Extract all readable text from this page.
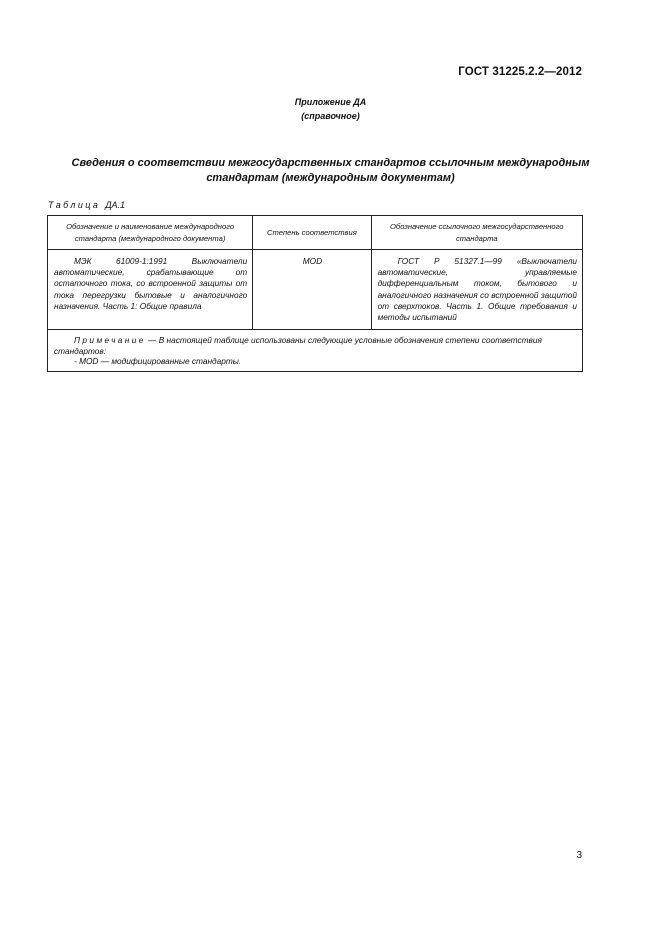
ГОСТ 31225.2.2—2012
Приложение ДА
(справочное)
Сведения о соответствии межгосударственных стандартов ссылочным международным
стандартам (международным документам)
Таблица ДА.1
Обозначение и наименование международного стандарта (международного документа)	Степень соответствия	Обозначение ссылочного межгосударственного стандарта
МЭК 61009-1:1991 Выключатели автоматические, срабатывающие от остаточного тока, со встроенной защиты от тока перегрузки бытовые и аналогичного назначения. Часть 1: Общие правила	MOD	ГОСТ Р 51327.1—99 «Выключатели автоматические, управляемые дифференциальным током, бытового и аналогичного назначения со встроенной защитой от сверхтоков. Часть 1. Общие требования и методы испытаний

Примечание — В настоящей таблице использованы следующие условные обозначения степени соответствия стандартов:
- MOD — модифицированные стандарты.		
3
